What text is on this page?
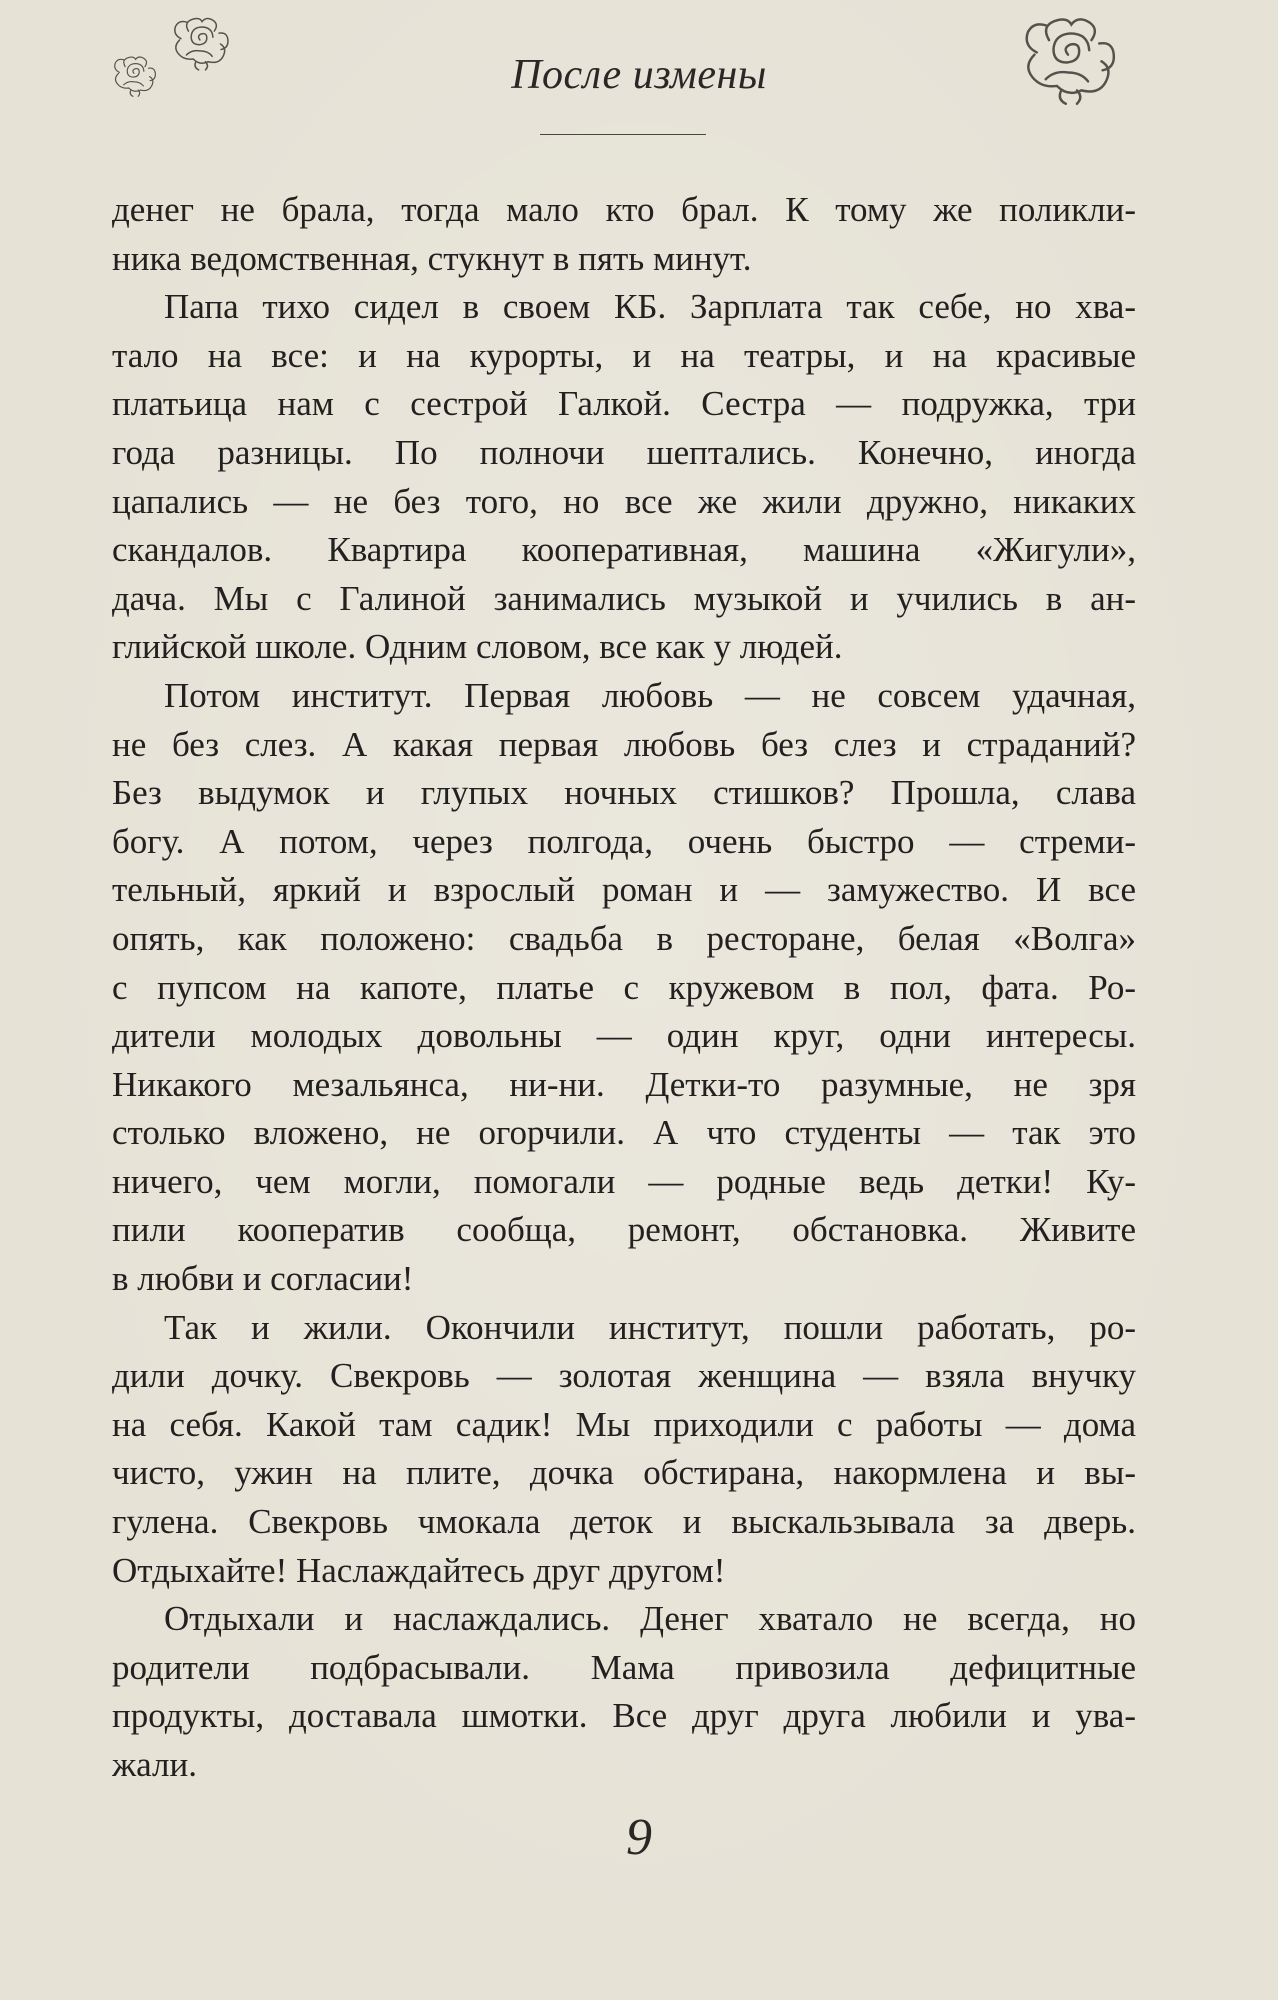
После измены
денег не брала, тогда мало кто брал. К тому же поликли-
ника ведомственная, стукнут в пять минут.
Папа тихо сидел в своем КБ. Зарплата так себе, но хва-
тало на все: и на курорты, и на театры, и на красивые
платьица нам с сестрой Галкой. Сестра — подружка, три
года разницы. По полночи шептались. Конечно, иногда
цапались — не без того, но все же жили дружно, никаких
скандалов. Квартира кооперативная, машина «Жигули»,
дача. Мы с Галиной занимались музыкой и учились в ан-
глийской школе. Одним словом, все как у людей.
Потом институт. Первая любовь — не совсем удачная,
не без слез. А какая первая любовь без слез и страданий?
Без выдумок и глупых ночных стишков? Прошла, слава
богу. А потом, через полгода, очень быстро — стреми-
тельный, яркий и взрослый роман и — замужество. И все
опять, как положено: свадьба в ресторане, белая «Волга»
с пупсом на капоте, платье с кружевом в пол, фата. Ро-
дители молодых довольны — один круг, одни интересы.
Никакого мезальянса, ни-ни. Детки-то разумные, не зря
столько вложено, не огорчили. А что студенты — так это
ничего, чем могли, помогали — родные ведь детки! Ку-
пили кооператив сообща, ремонт, обстановка. Живите
в любви и согласии!
Так и жили. Окончили институт, пошли работать, ро-
дили дочку. Свекровь — золотая женщина — взяла внучку
на себя. Какой там садик! Мы приходили с работы — дома
чисто, ужин на плите, дочка обстирана, накормлена и вы-
гулена. Свекровь чмокала деток и выскальзывала за дверь.
Отдыхайте! Наслаждайтесь друг другом!
Отдыхали и наслаждались. Денег хватало не всегда, но
родители подбрасывали. Мама привозила дефицитные
продукты, доставала шмотки. Все друг друга любили и ува-
жали.
9
